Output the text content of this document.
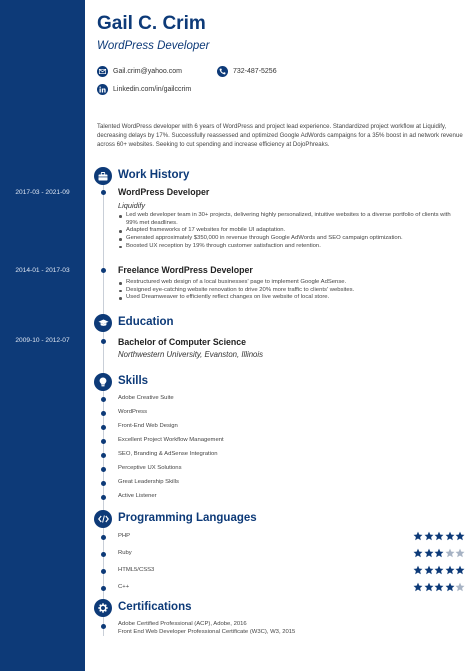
2017-03 - 2021-09
2014-01 - 2017-03
2009-10 - 2012-07
Gail C. Crim
WordPress Developer
Gail.crim@yahoo.com	732-487-5256
Linkedin.com/in/gailccrim
Talented WordPress developer with 6 years of WordPress and project lead experience. Standardized project workflow at Liquidify, decreasing delays by 17%. Successfully reassessed and optimized Google AdWords campaigns for a 35% boost in ad network revenue across 60+ websites. Seeking to cut spending and increase efficiency at DojoPhreaks.
Work History
WordPress Developer
Liquidify
Led web developer team in 30+ projects, delivering highly personalized, intuitive websites to a diverse portfolio of clients with 99% met deadlines.
Adapted frameworks of 17 websites for mobile UI adaptation.
Generated approximately $350,000 in revenue through Google AdWords and SEO campaign optimization.
Boosted UX reception by 19% through customer satisfaction and retention.
Freelance WordPress Developer
Restructured web design of a local businesses' page to implement Google AdSense.
Designed eye-catching website renovation to drive 20% more traffic to clients' websites.
Used Dreamweaver to efficiently reflect changes on live website of local store.
Education
Bachelor of Computer Science
Northwestern University, Evanston, Illinois
Skills
Adobe Creative Suite
WordPress
Front-End Web Design
Excellent Project Workflow Management
SEO, Branding & AdSense Integration
Perceptive UX Solutions
Great Leadership Skills
Active Listener
Programming Languages
PHP
Ruby
HTML5/CSS3
C++
Certifications
Adobe Certified Professional (ACP), Adobe, 2016
Front End Web Developer Professional Certificate (W3C), W3, 2015
